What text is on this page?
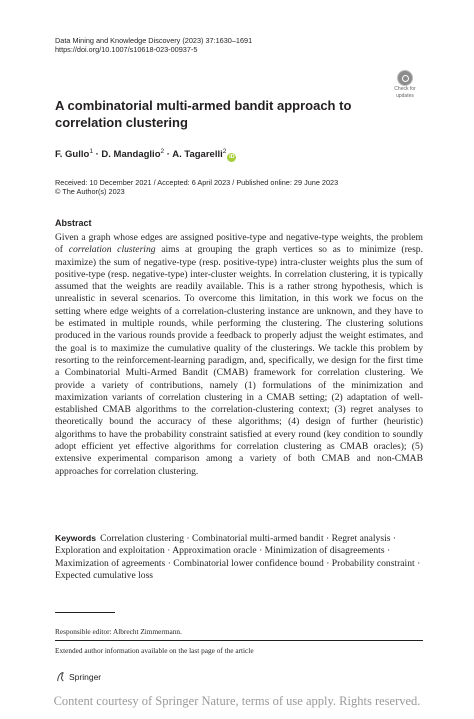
Data Mining and Knowledge Discovery (2023) 37:1630–1691
https://doi.org/10.1007/s10618-023-00937-5
Check for
updates
A combinatorial multi-armed bandit approach to correlation clustering
F. Gullo$^1$ · D. Mandaglio$^2$ · A. Tagarelli$^2$iD
Received: 10 December 2021 / Accepted: 6 April 2023 / Published online: 29 June 2023
© The Author(s) 2023
Abstract
Given a graph whose edges are assigned positive-type and negative-type weights, the problem of correlation clustering aims at grouping the graph vertices so as to minimize (resp. maximize) the sum of negative-type (resp. positive-type) intra-cluster weights plus the sum of positive-type (resp. negative-type) inter-cluster weights. In correlation clustering, it is typically assumed that the weights are readily available. This is a rather strong hypothesis, which is unrealistic in several scenarios. To overcome this limitation, in this work we focus on the setting where edge weights of a correlation-clustering instance are unknown, and they have to be estimated in multiple rounds, while performing the clustering. The clustering solutions produced in the various rounds provide a feedback to properly adjust the weight estimates, and the goal is to maximize the cumulative quality of the clusterings. We tackle this problem by resorting to the reinforcement-learning paradigm, and, specifically, we design for the first time a Combinatorial Multi-Armed Bandit (CMAB) framework for correlation clustering. We provide a variety of contributions, namely (1) formulations of the minimization and maximization variants of correlation clustering in a CMAB setting; (2) adaptation of well-established CMAB algorithms to the correlation-clustering context; (3) regret analyses to theoretically bound the accuracy of these algorithms; (4) design of further (heuristic) algorithms to have the probability constraint satisfied at every round (key condition to soundly adopt efficient yet effective algorithms for correlation clustering as CMAB oracles); (5) extensive experimental comparison among a variety of both CMAB and non-CMAB approaches for correlation clustering.
Keywords Correlation clustering · Combinatorial multi-armed bandit · Regret analysis · Exploration and exploitation · Approximation oracle · Minimization of disagreements · Maximization of agreements · Combinatorial lower confidence bound · Probability constraint · Expected cumulative loss
Responsible editor: Albrecht Zimmermann.
Extended author information available on the last page of the article
Springer
Content courtesy of Springer Nature, terms of use apply. Rights reserved.
